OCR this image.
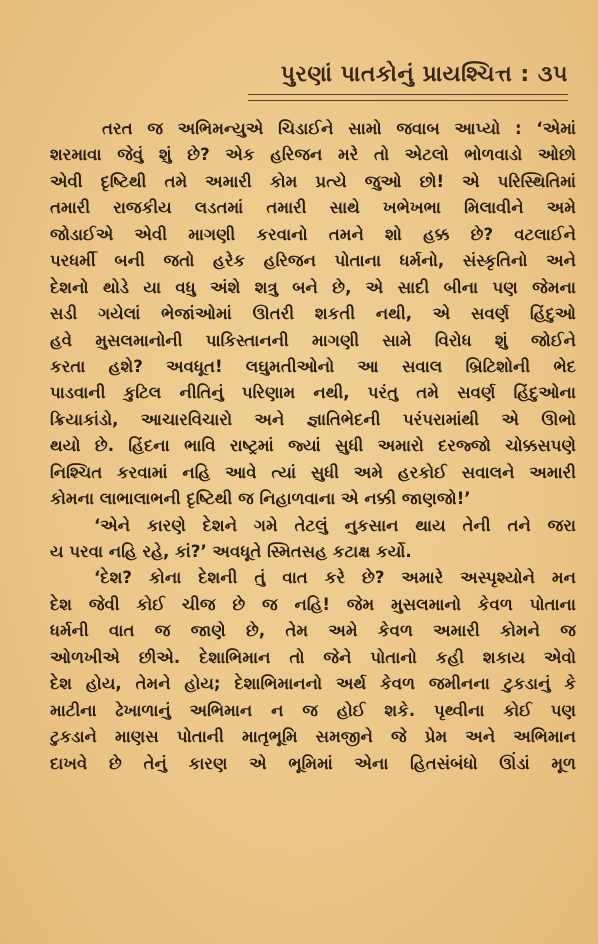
પુરણાં પાતકોનું પ્રાયશ્ચિત્ત : ૩૫
તરત જ અભિમન્યુએ ચિડાઈને સામો જવાબ આપ્યો : ‘એમાં
શરમાવા જેવું શું છે? એક હરિજન મરે તો એટલો ભોળવાડો ઓછો
એવી દૃષ્ટિથી તમે અમારી કોમ પ્રત્યે જુઓ છો! એ પરિસ્થિતિમાં
તમારી રાજકીય લડતમાં તમારી સાથે ખભેખભા મિલાવીને અમે
જોડાઈએ એવી માગણી કરવાનો તમને શો હક્ક છે? વટલાઈને
પરધર્મી બની જતો હરેક હરિજન પોતાના ધર્મનો, સંસ્કૃતિનો અને
દેશનો થોડે યા વધુ અંશે શત્રુ બને છે, એ સાદી બીના પણ જેમના
સડી ગયેલાં ભેજાંઓમાં ઊતરી શકતી નથી, એ સવર્ણ હિંદુઓ
હવે મુસલમાનોની પાકિસ્તાનની માગણી સામે વિરોધ શું જોઈને
કરતા હશે? અવધૂત! લઘુમતીઓનો આ સવાલ બ્રિટિશોની ભેદ
પાડવાની કુટિલ નીતિનું પરિણામ નથી, પરંતુ તમે સવર્ણ હિંદુઓના
ક્રિયાકાંડો, આચારવિચારો અને જ્ઞાતિભેદની પરંપરામાંથી એ ઊભો
થયો છે. હિંદના ભાવિ રાષ્ટ્રમાં જ્યાં સુધી અમારો દરજ્જો ચોક્કસપણે
નિશ્ચિત કરવામાં નહિ આવે ત્યાં સુધી અમે હરકોઈ સવાલને અમારી
કોમના લાભાલાભની દૃષ્ટિથી જ નિહાળવાના એ નક્કી જાણજો!’
‘એને કારણે દેશને ગમે તેટલું નુકસાન થાય તેની તને જરા
ય પરવા નહિ રહે, કાં?’ અવધૂતે સ્મિતસહ કટાક્ષ કર્યો.
‘દેશ? કોના દેશની તું વાત કરે છે? અમારે અસ્પૃશ્યોને મન
દેશ જેવી કોઈ ચીજ છે જ નહિ! જેમ મુસલમાનો કેવળ પોતાના
ધર્મની વાત જ જાણે છે, તેમ અમે કેવળ અમારી કોમને જ
ઓળખીએ છીએ. દેશાભિમાન તો જેને પોતાનો કહી શકાય એવો
દેશ હોય, તેમને હોય; દેશાભિમાનનો અર્થ કેવળ જમીનના ટુકડાનું કે
માટીના ઢેખાળાનું અભિમાન ન જ હોઈ શકે. પૃથ્વીના કોઈ પણ
ટુકડાને માણસ પોતાની માતૃભૂમિ સમજીને જે પ્રેમ અને અભિમાન
દાખવે છે તેનું કારણ એ ભૂમિમાં એના હિતસંબંધો ઊંડાં મૂળ
